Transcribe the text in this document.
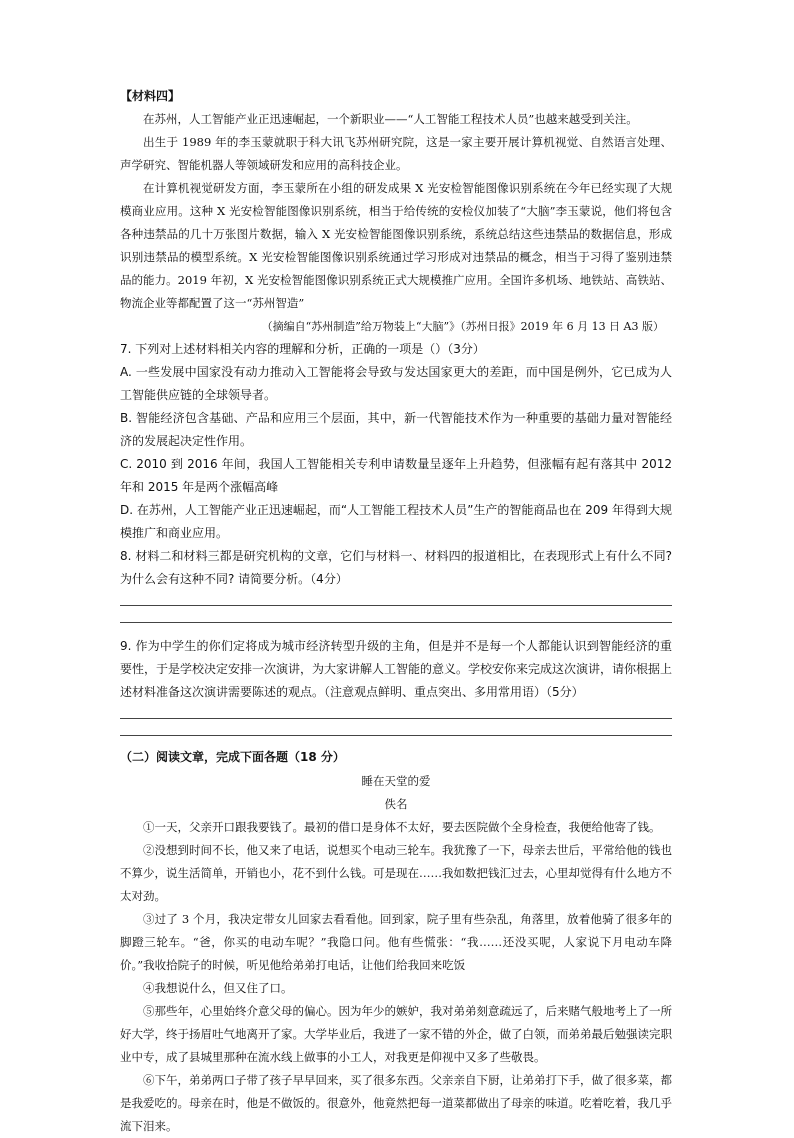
【材料四】

在苏州，人工智能产业正迅速崛起，一个新职业——“人工智能工程技术人员”也越来越受到关注。

出生于 1989 年的李玉蒙就职于科大讯飞苏州研究院，这是一家主要开展计算机视觉、自然语言处理、声学研究、智能机器人等领域研发和应用的高科技企业。

在计算机视觉研发方面，李玉蒙所在小组的研发成果 X 光安检智能图像识别系统在今年已经实现了大规模商业应用。这种 X 光安检智能图像识别系统，相当于给传统的安检仪加装了“大脑”李玉蒙说，他们将包含各种违禁品的几十万张图片数据，输入 X 光安检智能图像识别系统，系统总结这些违禁品的数据信息，形成识别违禁品的模型系统。X 光安检智能图像识别系统通过学习形成对违禁品的概念，相当于习得了鉴别违禁品的能力。2019 年初，X 光安检智能图像识别系统正式大规模推广应用。全国许多机场、地铁站、高铁站、物流企业等都配置了这一“苏州智造”

（摘编自“苏州制造”给万物装上“大脑”》（苏州日报》2019 年 6 月 13 日 A3 版）

7. 下列对上述材料相关内容的理解和分析，正确的一项是（）（3分）

A. 一些发展中国家没有动力推动入工智能将会导致与发达国家更大的差距，而中国是例外，它已成为人工智能供应链的全球领导者。

B. 智能经济包含基础、产品和应用三个层面，其中，新一代智能技术作为一种重要的基础力量对智能经济的发展起决定性作用。

C. 2010 到 2016 年间，我国人工智能相关专利申请数量呈逐年上升趋势，但涨幅有起有落其中 2012 年和 2015 年是两个涨幅高峰

D. 在苏州，人工智能产业正迅速崛起，而“人工智能工程技术人员”生产的智能商品也在 209 年得到大规模推广和商业应用。

8. 材料二和材料三都是研究机构的文章，它们与材料一、材料四的报道相比，在表现形式上有什么不同?为什么会有这种不同? 请简要分析。（4分）

9. 作为中学生的你们定将成为城市经济转型升级的主角，但是并不是每一个人都能认识到智能经济的重要性，于是学校决定安排一次演讲，为大家讲解人工智能的意义。学校安你来完成这次演讲，请你根据上述材料准备这次演讲需要陈述的观点。（注意观点鲜明、重点突出、多用常用语）（5分）

（二）阅读文章，完成下面各题（18 分）

睡在天堂的爱

佚名

①一天，父亲开口跟我要钱了。最初的借口是身体不太好，要去医院做个全身检查，我便给他寄了钱。

②没想到时间不长，他又来了电话，说想买个电动三轮车。我犹豫了一下，母亲去世后，平常给他的钱也不算少，说生活简单，开销也小，花不到什么钱。可是现在……我如数把钱汇过去，心里却觉得有什么地方不太对劲。

③过了 3 个月，我决定带女儿回家去看看他。回到家，院子里有些杂乱，角落里，放着他骑了很多年的脚蹬三轮车。“爸，你买的电动车呢？”我隐口问。他有些慌张：“我……还没买呢，人家说下月电动车降价。”我收拾院子的时候，听见他给弟弟打电话，让他们给我回来吃饭

④我想说什么，但又住了口。

⑤那些年，心里始终介意父母的偏心。因为年少的嫉妒，我对弟弟刻意疏远了，后来赌气般地考上了一所好大学，终于扬眉吐气地离开了家。大学毕业后，我进了一家不错的外企，做了白领，而弟弟最后勉强读完职业中专，成了县城里那种在流水线上做事的小工人，对我更是仰视中又多了些敬畏。

⑥下午，弟弟两口子带了孩子早早回来，买了很多东西。父亲亲自下厨，让弟弟打下手，做了很多菜，都是我爱吃的。母亲在时，他是不做饭的。很意外，他竟然把每一道菜都做出了母亲的味道。吃着吃着，我几乎流下泪来。
